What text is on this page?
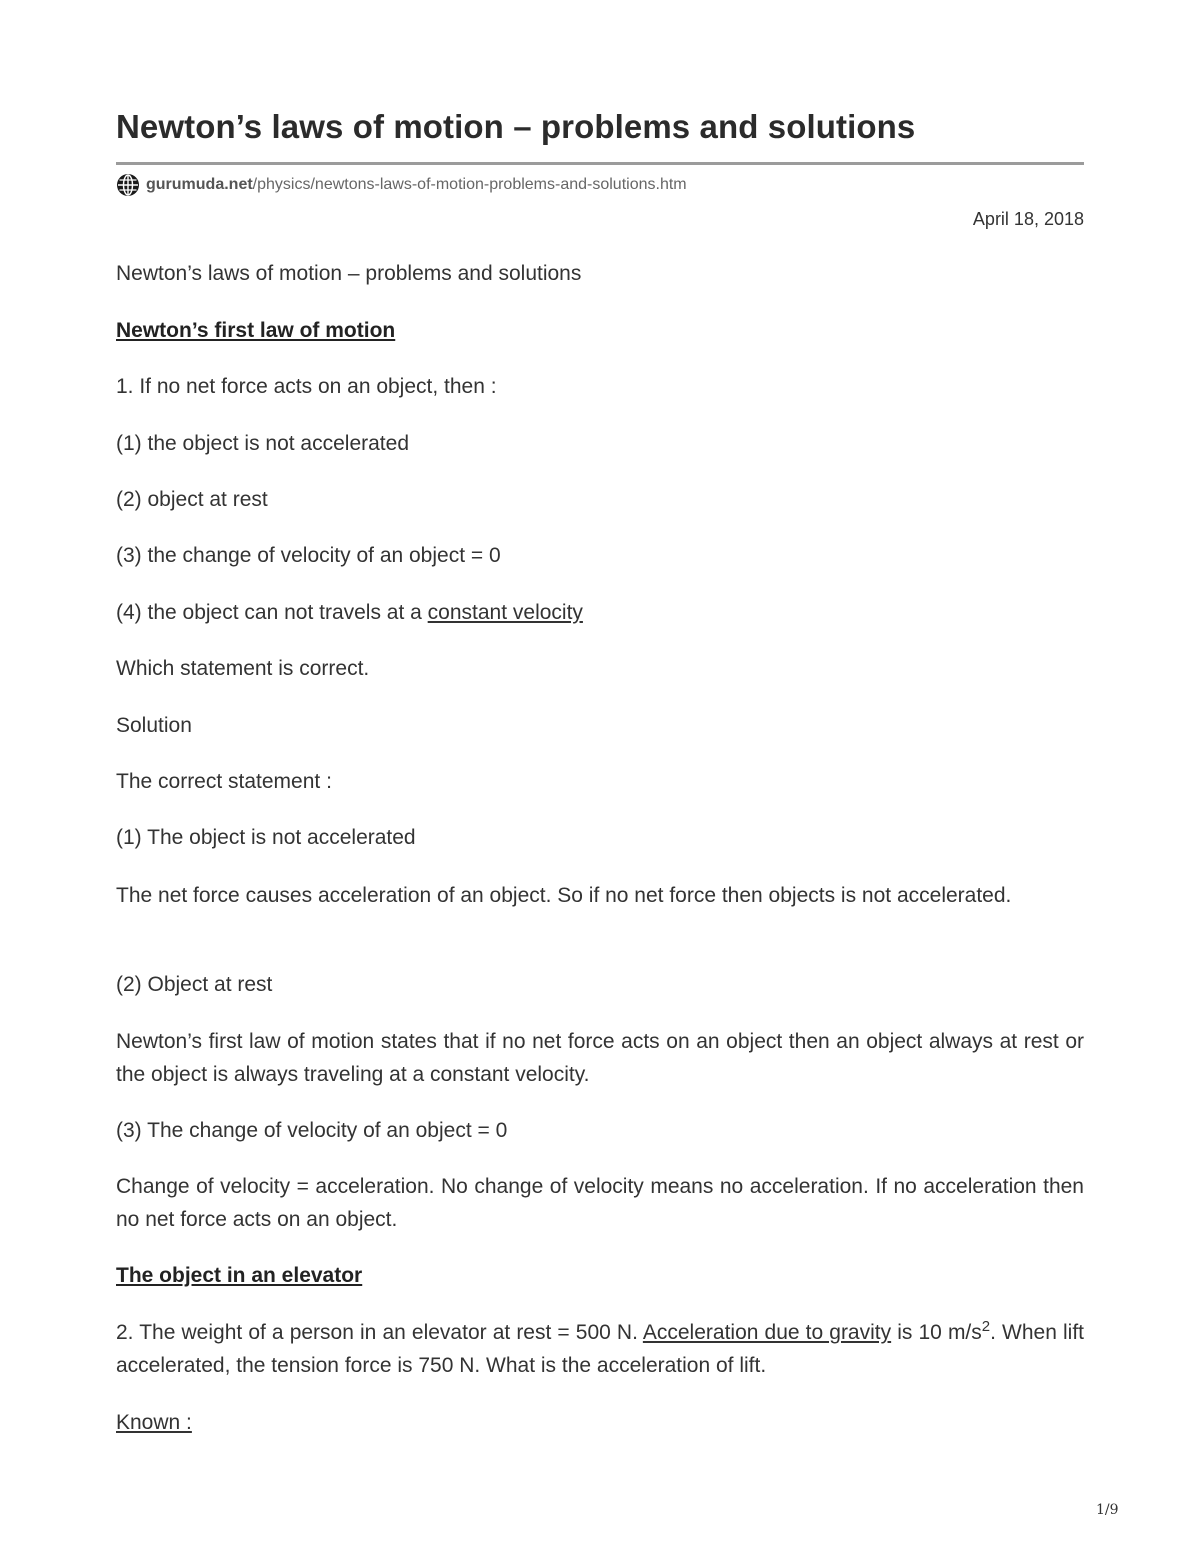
Newton’s laws of motion – problems and solutions
gurumuda.net /physics/newtons-laws-of-motion-problems-and-solutions.htm
April 18, 2018

Newton’s laws of motion – problems and solutions

Newton’s first law of motion

1. If no net force acts on an object, then :

(1) the object is not accelerated

(2) object at rest

(3) the change of velocity of an object = 0

(4) the object can not travels at a constant velocity

Which statement is correct.

Solution

The correct statement :

(1) The object is not accelerated

The net force causes acceleration of an object. So if no net force then objects is not accelerated.

(2) Object at rest

Newton’s first law of motion states that if no net force acts on an object then an object always at rest or the object is always traveling at a constant velocity.

(3) The change of velocity of an object = 0

Change of velocity = acceleration. No change of velocity means no acceleration. If no acceleration then no net force acts on an object.

The object in an elevator

2. The weight of a person in an elevator at rest = 500 N. Acceleration due to gravity is 10 $m/s^2$. When lift accelerated, the tension force is 750 N. What is the acceleration of lift.

Known :

1/9
